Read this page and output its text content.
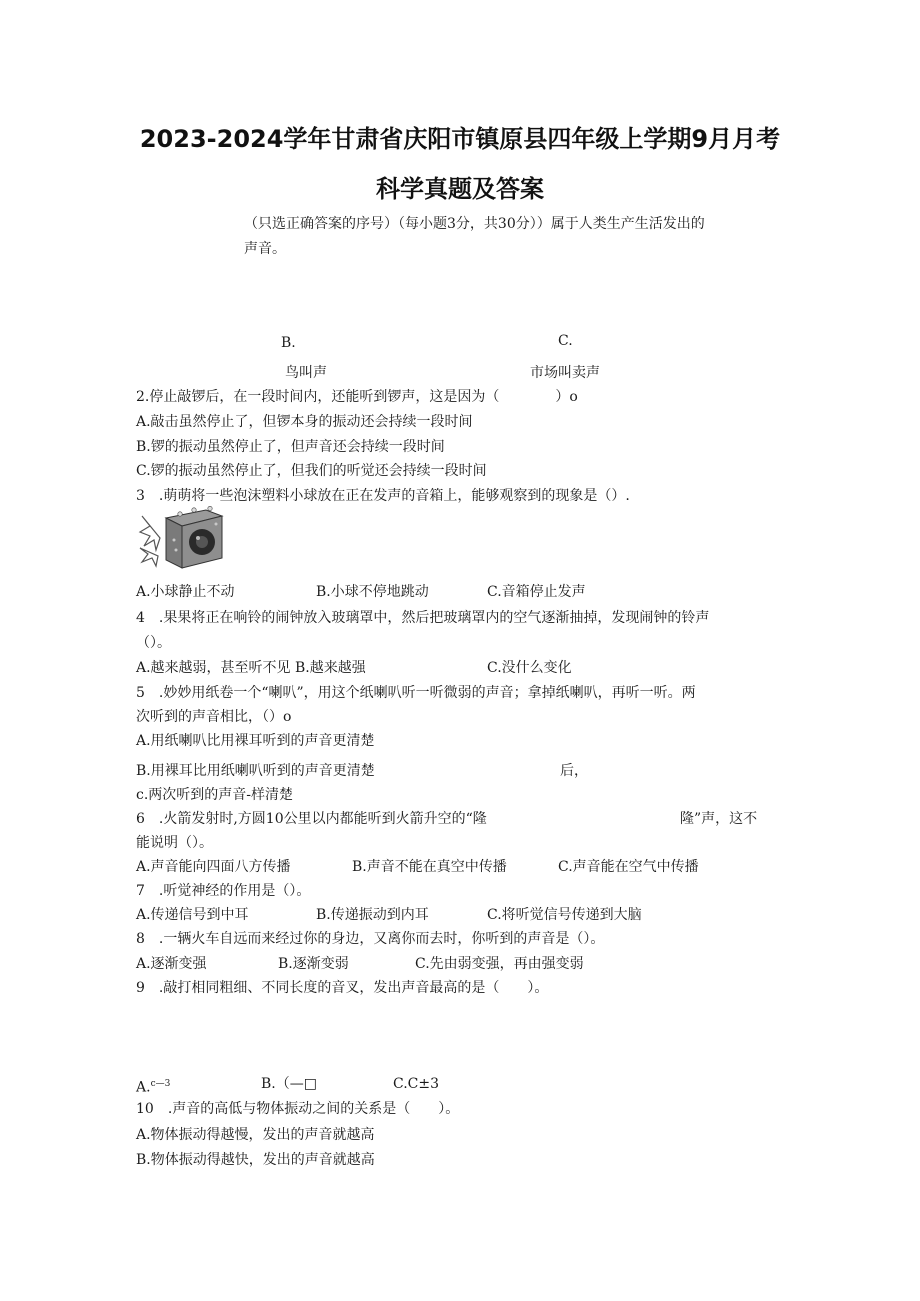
2023-2024学年甘肃省庆阳市镇原县四年级上学期9月月考
科学真题及答案
（只选正确答案的序号）（每小题3分，共30分））属于人类生产生活发出的
声音。
B.	C.
鸟叫声	市场叫卖声
2.停止敲锣后，在一段时间内，还能听到锣声，这是因为（　　　　）o
A.敲击虽然停止了，但锣本身的振动还会持续一段时间
B.锣的振动虽然停止了，但声音还会持续一段时间
C.锣的振动虽然停止了，但我们的听觉还会持续一段时间
3　.萌萌将一些泡沫塑料小球放在正在发声的音箱上，能够观察到的现象是（）.
A.小球静止不动	B.小球不停地跳动	C.音箱停止发声
4　.果果将正在响铃的闹钟放入玻璃罩中，然后把玻璃罩内的空气逐渐抽掉，发现闹钟的铃声
（）。
A.越来越弱，甚至听不见 B.越来越强	C.没什么变化
5　.妙妙用纸卷一个“喇叭”，用这个纸喇叭听一听微弱的声音；拿掉纸喇叭，再听一听。两
次听到的声音相比，（）o
A.用纸喇叭比用裸耳听到的声音更清楚
B.用裸耳比用纸喇叭听到的声音更清楚	后，
c.两次听到的声音-样清楚
6　.火箭发射时,方圆10公里以内都能听到火箭升空的“隆	隆”声，这不
能说明（）。
A.声音能向四面八方传播	B.声音不能在真空中传播	C.声音能在空气中传播
7　.听觉神经的作用是（）。
A.传递信号到中耳	B.传递振动到内耳	C.将听觉信号传递到大脑
8　.一辆火车自远而来经过你的身边，又离你而去时，你听到的声音是（）。
A.逐渐变强	B.逐渐变弱	C.先由弱变强，再由强变弱
9　.敲打相同粗细、不同长度的音叉，发出声音最高的是（　　）。
A.$^{c—3}$	B.（—□	C.C±3
10　.声音的高低与物体振动之间的关系是（　　）。
A.物体振动得越慢，发出的声音就越高
B.物体振动得越快，发出的声音就越高
